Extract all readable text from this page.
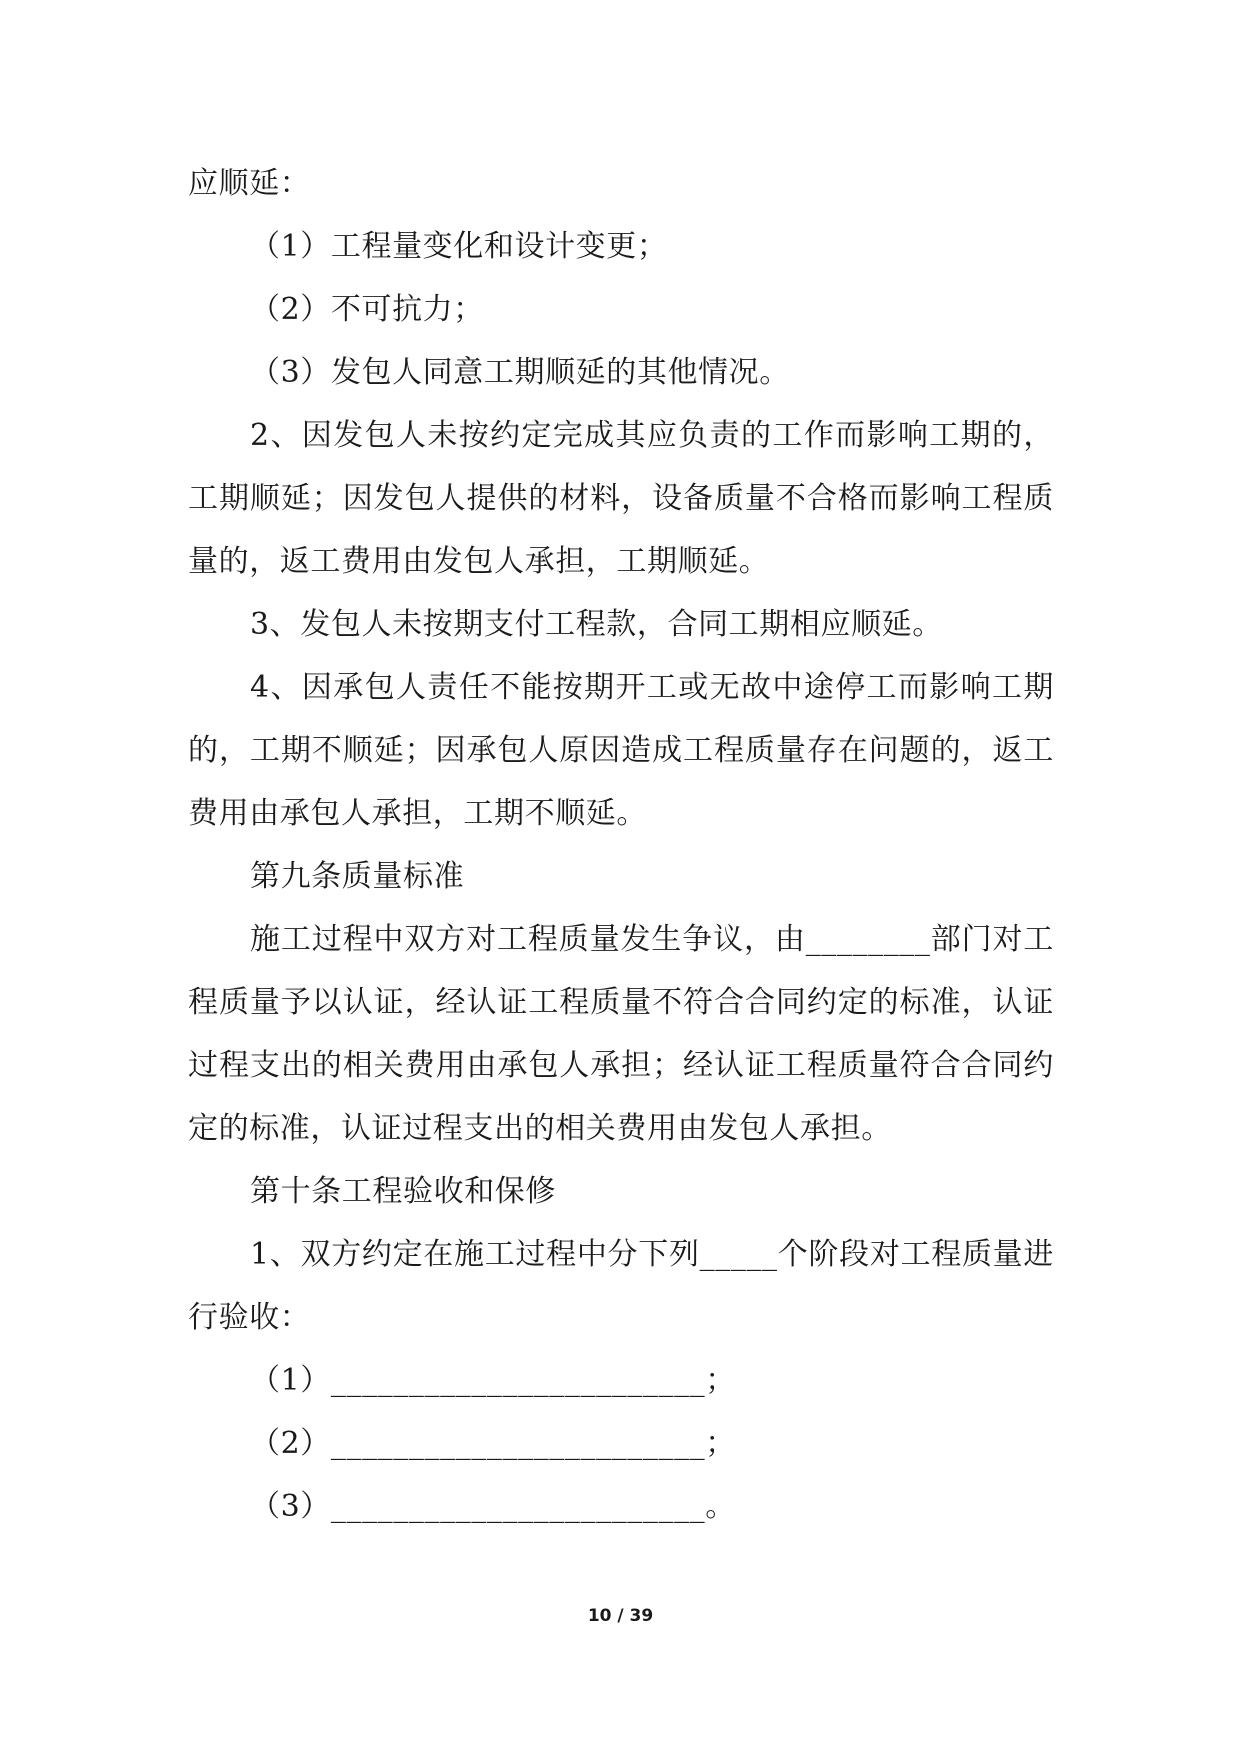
应顺延：

（1）工程量变化和设计变更；

（2）不可抗力；

（3）发包人同意工期顺延的其他情况。

2、因发包人未按约定完成其应负责的工作而影响工期的，工期顺延；因发包人提供的材料，设备质量不合格而影响工程质量的，返工费用由发包人承担，工期顺延。

3、发包人未按期支付工程款，合同工期相应顺延。

4、因承包人责任不能按期开工或无故中途停工而影响工期的，工期不顺延；因承包人原因造成工程质量存在问题的，返工费用由承包人承担，工期不顺延。

第九条质量标准

施工过程中双方对工程质量发生争议，由________部门对工程质量予以认证，经认证工程质量不符合合同约定的标准，认证过程支出的相关费用由承包人承担；经认证工程质量符合合同约定的标准，认证过程支出的相关费用由发包人承担。

第十条工程验收和保修

1、双方约定在施工过程中分下列_____个阶段对工程质量进行验收：

（1）________________________；

（2）________________________；

（3）________________________。

10 / 39
